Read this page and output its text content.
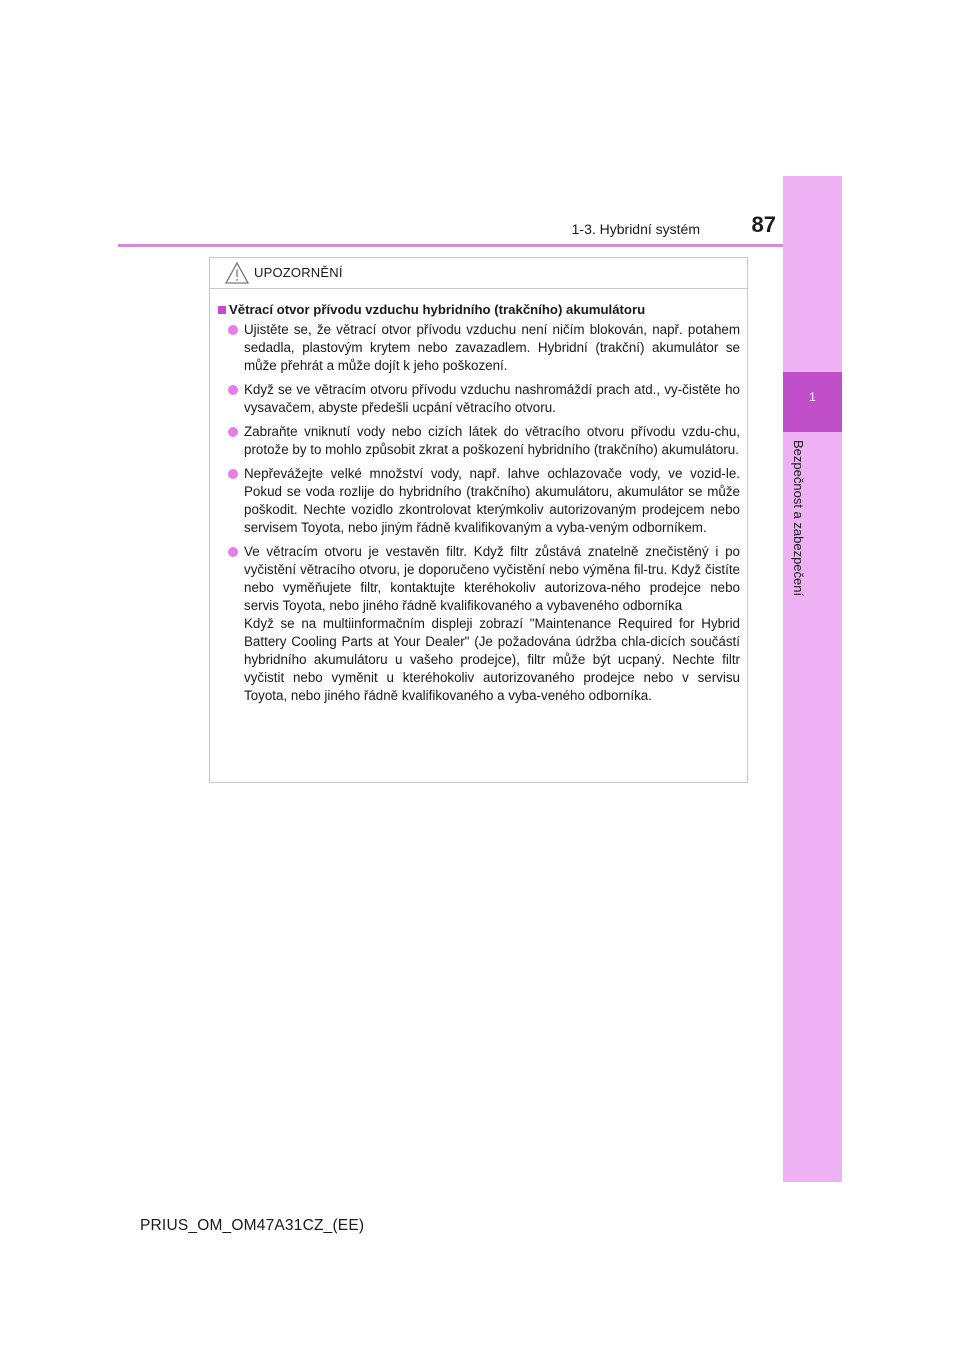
1
Bezpečnost a zabezpečení
1-3. Hybridní systém	87
UPOZORNĚNÍ
Větrací otvor přívodu vzduchu hybridního (trakčního) akumulátoru
Ujistěte se, že větrací otvor přívodu vzduchu není ničím blokován, např. potahem sedadla, plastovým krytem nebo zavazadlem. Hybridní (trakční) akumulátor se může přehrát a může dojít k jeho poškození.
Když se ve větracím otvoru přívodu vzduchu nashromáždí prach atd., vy-čistěte ho vysavačem, abyste předešli ucpání větracího otvoru.
Zabraňte vniknutí vody nebo cizích látek do větracího otvoru přívodu vzdu-chu, protože by to mohlo způsobit zkrat a poškození hybridního (trakčního) akumulátoru.
Nepřevážejte velké množství vody, např. lahve ochlazovače vody, ve vozid-le. Pokud se voda rozlije do hybridního (trakčního) akumulátoru, akumulátor se může poškodit. Nechte vozidlo zkontrolovat kterýmkoliv autorizovaným prodejcem nebo servisem Toyota, nebo jiným řádně kvalifikovaným a vyba-veným odborníkem.
Ve větracím otvoru je vestavěn filtr. Když filtr zůstává znatelně znečistěný i po vyčistění větracího otvoru, je doporučeno vyčistění nebo výměna fil-tru. Když čistíte nebo vyměňujete filtr, kontaktujte kteréhokoliv autorizova-ného prodejce nebo servis Toyota, nebo jiného řádně kvalifikovaného a vybaveného odborníka
Když se na multiinformačním displeji zobrazí "Maintenance Required for Hybrid Battery Cooling Parts at Your Dealer" (Je požadována údržba chla-dicích součástí hybridního akumulátoru u vašeho prodejce), filtr může být ucpaný. Nechte filtr vyčistit nebo vyměnit u kteréhokoliv autorizovaného prodejce nebo v servisu Toyota, nebo jiného řádně kvalifikovaného a vyba-veného odborníka.
PRIUS_OM_OM47A31CZ_(EE)
